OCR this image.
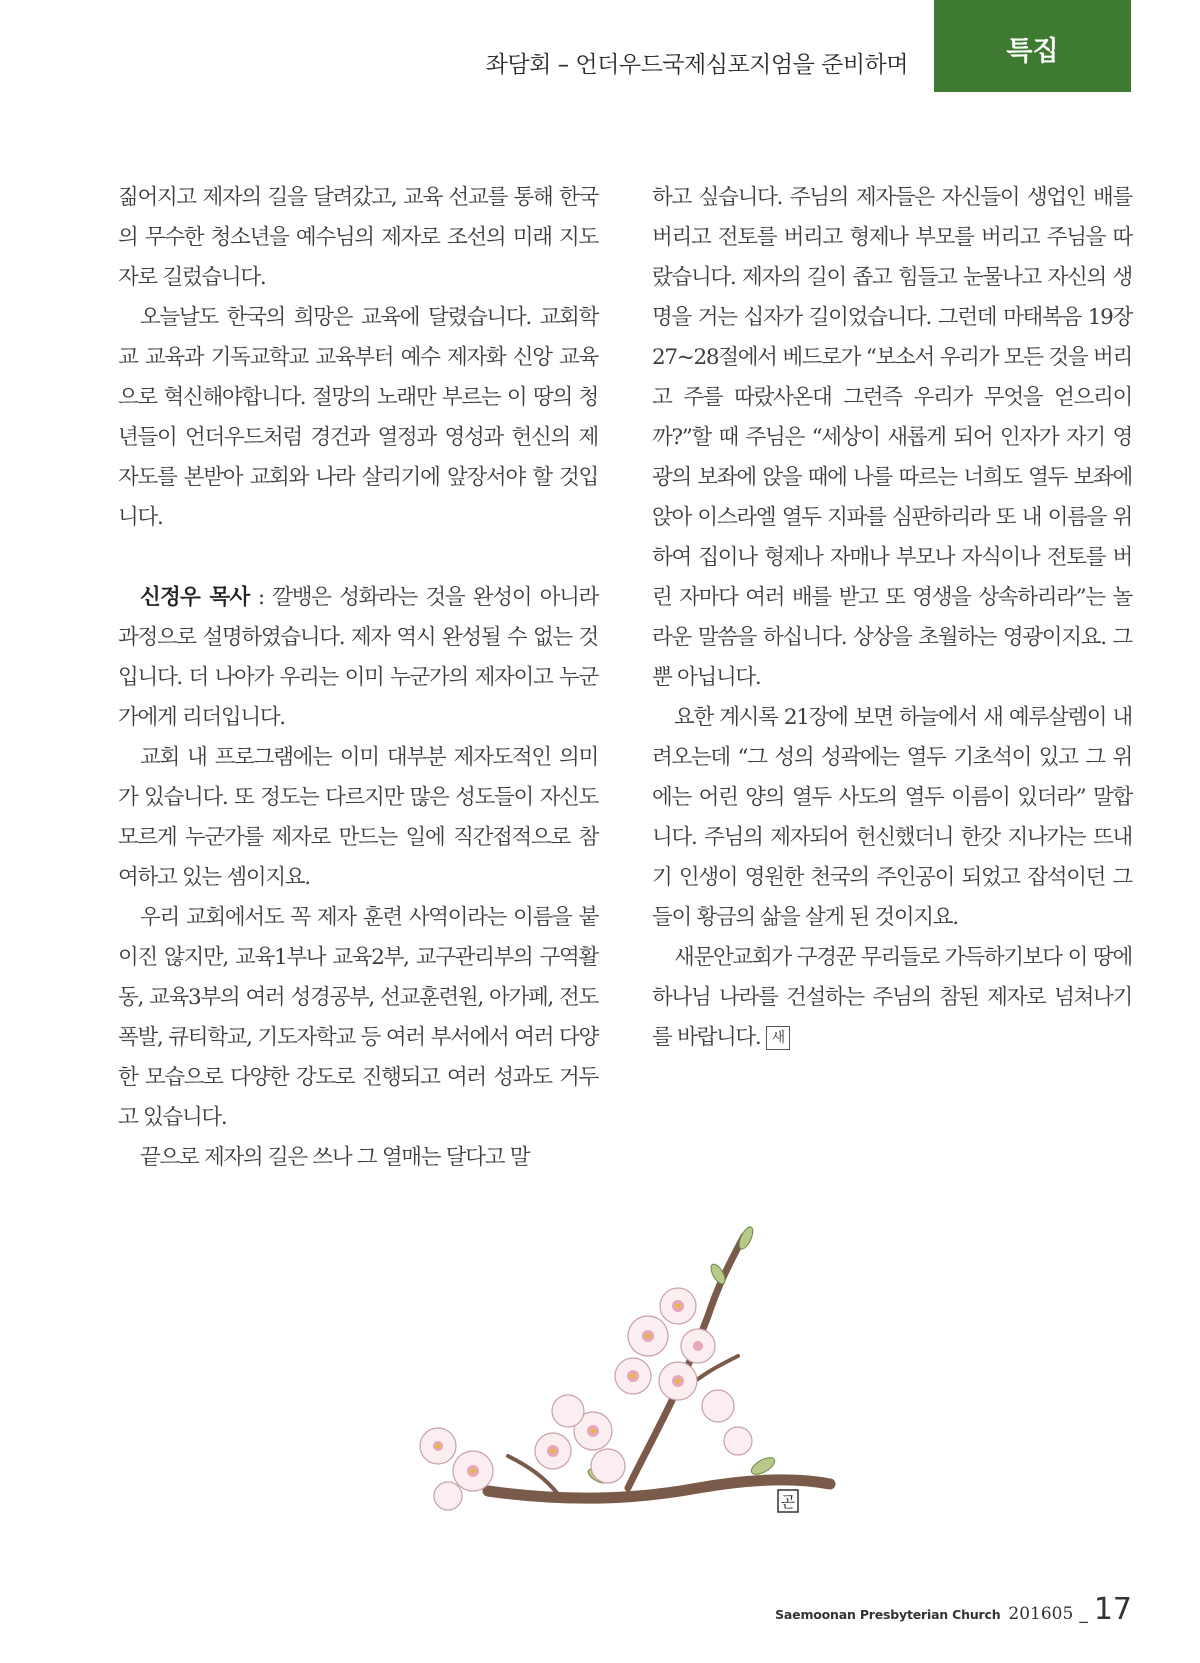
좌담회 – 언더우드국제심포지엄을 준비하며	특집

짊어지고 제자의 길을 달려갔고, 교육 선교를 통해 한국의 무수한 청소년을 예수님의 제자로 조선의 미래 지도자로 길렀습니다.

오늘날도 한국의 희망은 교육에 달렸습니다. 교회학교 교육과 기독교학교 교육부터 예수 제자화 신앙 교육으로 혁신해야합니다. 절망의 노래만 부르는 이 땅의 청년들이 언더우드처럼 경건과 열정과 영성과 헌신의 제자도를 본받아 교회와 나라 살리기에 앞장서야 할 것입니다.

신정우 목사 : 깔뱅은 성화라는 것을 완성이 아니라 과정으로 설명하였습니다. 제자 역시 완성될 수 없는 것입니다. 더 나아가 우리는 이미 누군가의 제자이고 누군가에게 리더입니다.

교회 내 프로그램에는 이미 대부분 제자도적인 의미가 있습니다. 또 정도는 다르지만 많은 성도들이 자신도 모르게 누군가를 제자로 만드는 일에 직간접적으로 참여하고 있는 셈이지요.

우리 교회에서도 꼭 제자 훈련 사역이라는 이름을 붙이진 않지만, 교육1부나 교육2부, 교구관리부의 구역활동, 교육3부의 여러 성경공부, 선교훈련원, 아가페, 전도폭발, 큐티학교, 기도자학교 등 여러 부서에서 여러 다양한 모습으로 다양한 강도로 진행되고 여러 성과도 거두고 있습니다.

끝으로 제자의 길은 쓰나 그 열매는 달다고 말

하고 싶습니다. 주님의 제자들은 자신들이 생업인 배를 버리고 전토를 버리고 형제나 부모를 버리고 주님을 따랐습니다. 제자의 길이 좁고 힘들고 눈물나고 자신의 생명을 거는 십자가 길이었습니다. 그런데 마태복음 19장 27~28절에서 베드로가 “보소서 우리가 모든 것을 버리고 주를 따랐사온대 그런즉 우리가 무엇을 얻으리이까?”할 때 주님은 “세상이 새롭게 되어 인자가 자기 영광의 보좌에 앉을 때에 나를 따르는 너희도 열두 보좌에 앉아 이스라엘 열두 지파를 심판하리라 또 내 이름을 위하여 집이나 형제나 자매나 부모나 자식이나 전토를 버린 자마다 여러 배를 받고 또 영생을 상속하리라”는 놀라운 말씀을 하십니다. 상상을 초월하는 영광이지요. 그뿐 아닙니다.

요한 계시록 21장에 보면 하늘에서 새 예루살렘이 내려오는데 “그 성의 성곽에는 열두 기초석이 있고 그 위에는 어린 양의 열두 사도의 열두 이름이 있더라” 말합니다. 주님의 제자되어 헌신했더니 한갓 지나가는 뜨내기 인생이 영원한 천국의 주인공이 되었고 잡석이던 그들이 황금의 삶을 살게 된 것이지요.

새문안교회가 구경꾼 무리들로 가득하기보다 이 땅에 하나님 나라를 건설하는 주님의 참된 제자로 넘쳐나기를 바랍니다. 새

곤
Saemoonan Presbyterian Church 201605 _ 17
